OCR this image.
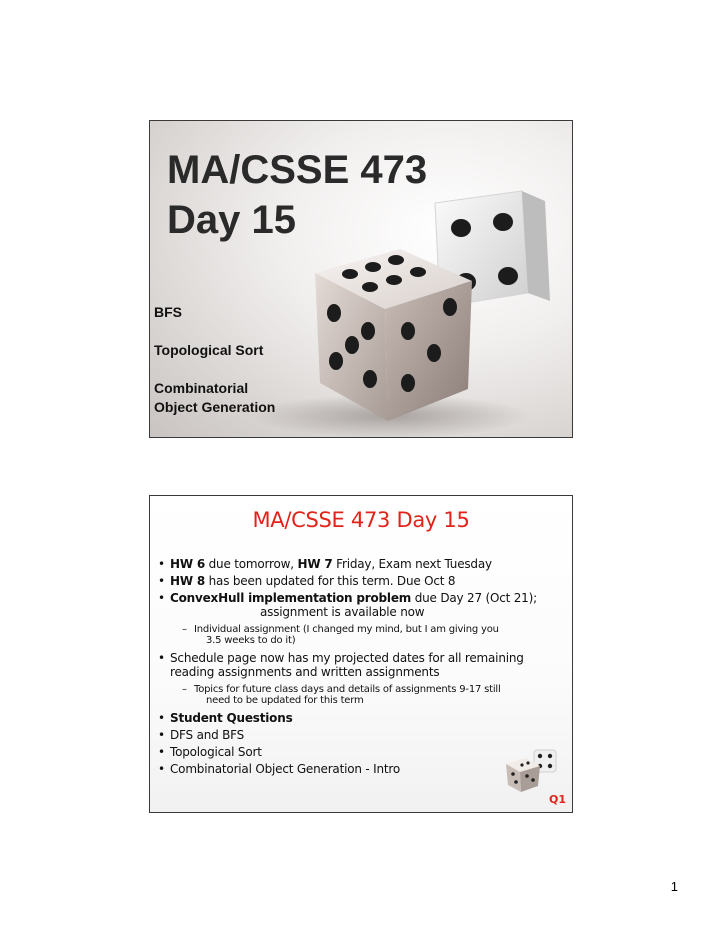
MA/CSSE 473
Day 15

BFS

Topological Sort

Combinatorial

Object Generation

MA/CSSE 473 Day 15

• HW 6 due tomorrow, HW 7 Friday, Exam next Tuesday

• HW 8 has been updated for this term. Due Oct 8

• ConvexHull implementation problem due Day 27 (Oct 21);

assignment is available now

– Individual assignment (I changed my mind, but I am giving you

3.5 weeks to do it)

• Schedule page now has my projected dates for all remaining

reading assignments and written assignments

– Topics for future class days and details of assignments 9-17 still

need to be updated for this term

• Student Questions

• DFS and BFS

• Topological Sort

• Combinatorial Object Generation - Intro

Q1
1
